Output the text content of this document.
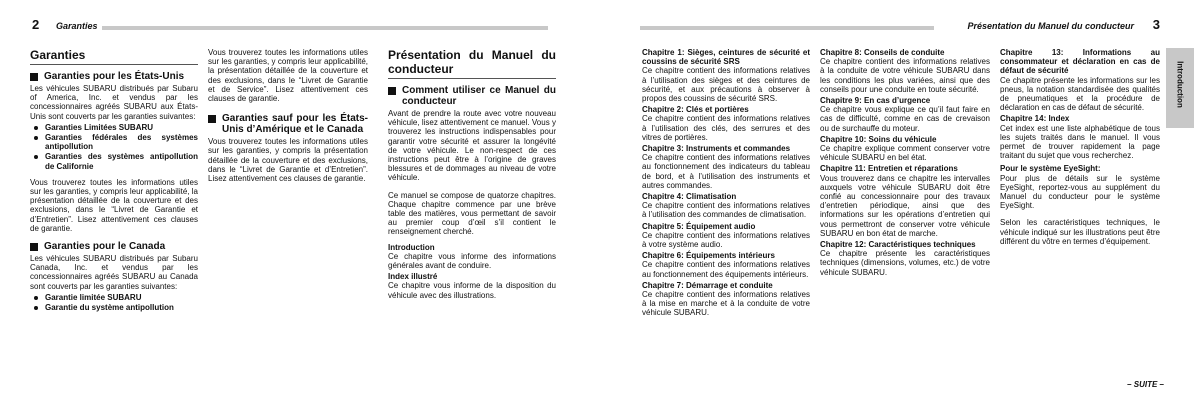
2 Garanties
Garanties
Garanties pour les États-Unis

Les véhicules SUBARU distribués par Subaru of America, Inc. et vendus par les concessionnaires agréés SUBARU aux États-Unis sont couverts par les garanties suivantes:

Garanties Limitées SUBARU
Garanties fédérales des systèmes antipollution
Garanties des systèmes antipollution de Californie

Vous trouverez toutes les informations utiles sur les garanties, y compris leur applicabilité, la présentation détaillée de la couverture et des exclusions, dans le “Livret de Garantie et d’Entretien”. Lisez attentivement ces clauses de garantie.

Garanties pour le Canada

Les véhicules SUBARU distribués par Subaru Canada, Inc. et vendus par les concessionnaires agréés SUBARU au Canada sont couverts par les garanties suivantes:

Garantie limitée SUBARU
Garantie du système antipollution

Vous trouverez toutes les informations utiles sur les garanties, y compris leur applicabilité, la présentation détaillée de la couverture et des exclusions, dans le “Livret de Garantie et de Service”. Lisez attentivement ces clauses de garantie.

Garanties sauf pour les États-Unis d’Amérique et le Canada

Vous trouverez toutes les informations utiles sur les garanties, y compris la présentation détaillée de la couverture et des exclusions, dans le “Livret de Garantie et d’Entretien”. Lisez attentivement ces clauses de garantie.

Présentation du Manuel du conducteur
Comment utiliser ce Manuel du conducteur

Avant de prendre la route avec votre nouveau véhicule, lisez attentivement ce manuel. Vous y trouverez les instructions indispensables pour garantir votre sécurité et assurer la longévité de votre véhicule. Le non-respect de ces instructions peut être à l’origine de graves blessures et de dommages au niveau de votre véhicule.

Ce manuel se compose de quatorze chapitres. Chaque chapitre commence par une brève table des matières, vous permettant de savoir au premier coup d’œil s’il contient le renseignement cherché.

Introduction

Ce chapitre vous informe des informations générales avant de conduire.

Index illustré

Ce chapitre vous informe de la disposition du véhicule avec des illustrations.

Présentation du Manuel du conducteur 3
Chapitre 1: Sièges, ceintures de sécurité et coussins de sécurité SRS

Ce chapitre contient des informations relatives à l’utilisation des sièges et des ceintures de sécurité, et aux précautions à observer à propos des coussins de sécurité SRS.

Chapitre 2: Clés et portières

Ce chapitre contient des informations relatives à l’utilisation des clés, des serrures et des vitres de portières.

Chapitre 3: Instruments et commandes

Ce chapitre contient des informations relatives au fonctionnement des indicateurs du tableau de bord, et à l’utilisation des instruments et autres commandes.

Chapitre 4: Climatisation

Ce chapitre contient des informations relatives à l’utilisation des commandes de climatisation.

Chapitre 5: Équipement audio

Ce chapitre contient des informations relatives à votre système audio.

Chapitre 6: Équipements intérieurs

Ce chapitre contient des informations relatives au fonctionnement des équipements intérieurs.

Chapitre 7: Démarrage et conduite

Ce chapitre contient des informations relatives à la mise en marche et à la conduite de votre véhicule SUBARU.

Chapitre 8: Conseils de conduite

Ce chapitre contient des informations relatives à la conduite de votre véhicule SUBARU dans les conditions les plus variées, ainsi que des conseils pour une conduite en toute sécurité.

Chapitre 9: En cas d’urgence

Ce chapitre vous explique ce qu’il faut faire en cas de difficulté, comme en cas de crevaison ou de surchauffe du moteur.

Chapitre 10: Soins du véhicule

Ce chapitre explique comment conserver votre véhicule SUBARU en bel état.

Chapitre 11: Entretien et réparations

Vous trouverez dans ce chapitre les intervalles auxquels votre véhicule SUBARU doit être confié au concessionnaire pour des travaux d’entretien périodique, ainsi que des informations sur les opérations d’entretien qui vous permettront de conserver votre véhicule SUBARU en bon état de marche.

Chapitre 12: Caractéristiques techniques

Ce chapitre présente les caractéristiques techniques (dimensions, volumes, etc.) de votre véhicule SUBARU.

Chapitre 13: Informations au consommateur et déclaration en cas de défaut de sécurité

Ce chapitre présente les informations sur les pneus, la notation standardisée des qualités de pneumatiques et la procédure de déclaration en cas de défaut de sécurité.

Chapitre 14: Index

Cet index est une liste alphabétique de tous les sujets traités dans le manuel. Il vous permet de trouver rapidement la page traitant du sujet que vous recherchez.

Pour le système EyeSight:

Pour plus de détails sur le système EyeSight, reportez-vous au supplément du Manuel du conducteur pour le système EyeSight.

Selon les caractéristiques techniques, le véhicule indiqué sur les illustrations peut être différent du vôtre en termes d’équipement.

Introduction
– SUITE –
